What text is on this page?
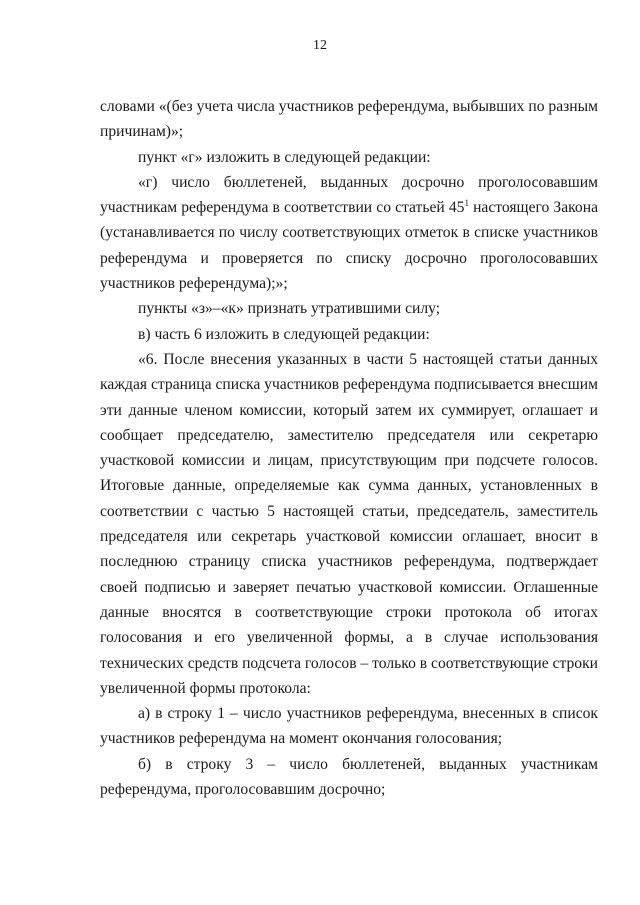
12

словами «(без учета числа участников референдума, выбывших по разным причинам)»;

пункт «г» изложить в следующей редакции:

«г) число бюллетеней, выданных досрочно проголосовавшим участникам референдума в соответствии со статьей $45^1$ настоящего Закона (устанавливается по числу соответствующих отметок в списке участников референдума и проверяется по списку досрочно проголосовавших участников референдума);»;

пункты «з»–«к» признать утратившими силу;

в) часть 6 изложить в следующей редакции:

«6. После внесения указанных в части 5 настоящей статьи данных каждая страница списка участников референдума подписывается внесшим эти данные членом комиссии, который затем их суммирует, оглашает и сообщает председателю, заместителю председателя или секретарю участковой комиссии и лицам, присутствующим при подсчете голосов. Итоговые данные, определяемые как сумма данных, установленных в соответствии с частью 5 настоящей статьи, председатель, заместитель председателя или секретарь участковой комиссии оглашает, вносит в последнюю страницу списка участников референдума, подтверждает своей подписью и заверяет печатью участковой комиссии. Оглашенные данные вносятся в соответствующие строки протокола об итогах голосования и его увеличенной формы, а в случае использования технических средств подсчета голосов – только в соответствующие строки увеличенной формы протокола:

а) в строку 1 – число участников референдума, внесенных в список участников референдума на момент окончания голосования;

б) в строку 3 – число бюллетеней, выданных участникам референдума, проголосовавшим досрочно;
